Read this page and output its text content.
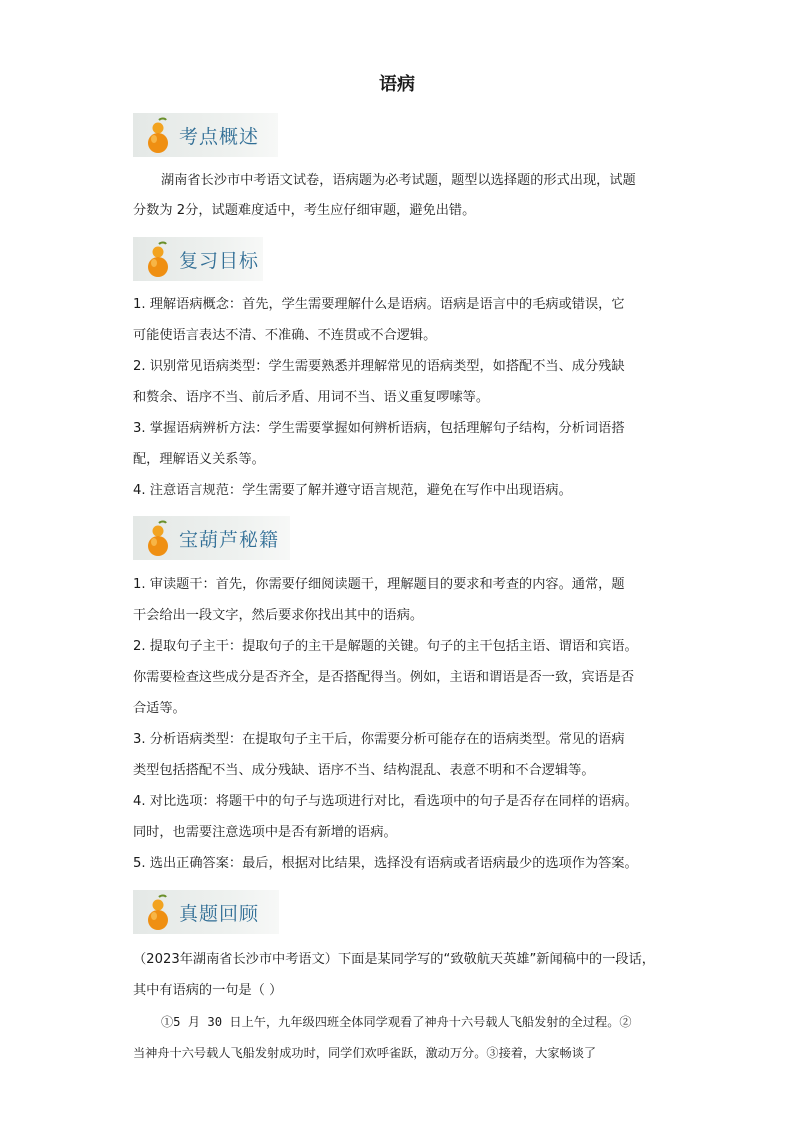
语病
考点概述
湖南省长沙市中考语文试卷，语病题为必考试题，题型以选择题的形式出现，试题
分数为 2分，试题难度适中，考生应仔细审题，避免出错。
复习目标
1. 理解语病概念：首先，学生需要理解什么是语病。语病是语言中的毛病或错误，它
可能使语言表达不清、不准确、不连贯或不合逻辑。
2. 识别常见语病类型：学生需要熟悉并理解常见的语病类型，如搭配不当、成分残缺
和赘余、语序不当、前后矛盾、用词不当、语义重复啰嗦等。
3. 掌握语病辨析方法：学生需要掌握如何辨析语病，包括理解句子结构，分析词语搭
配，理解语义关系等。
4. 注意语言规范：学生需要了解并遵守语言规范，避免在写作中出现语病。
宝葫芦秘籍
1. 审读题干：首先，你需要仔细阅读题干，理解题目的要求和考查的内容。通常，题
干会给出一段文字，然后要求你找出其中的语病。
2. 提取句子主干：提取句子的主干是解题的关键。句子的主干包括主语、谓语和宾语。
你需要检查这些成分是否齐全，是否搭配得当。例如，主语和谓语是否一致，宾语是否
合适等。
3. 分析语病类型：在提取句子主干后，你需要分析可能存在的语病类型。常见的语病
类型包括搭配不当、成分残缺、语序不当、结构混乱、表意不明和不合逻辑等。
4. 对比选项：将题干中的句子与选项进行对比，看选项中的句子是否存在同样的语病。
同时，也需要注意选项中是否有新增的语病。
5. 选出正确答案：最后，根据对比结果，选择没有语病或者语病最少的选项作为答案。
真题回顾
（2023年湖南省长沙市中考语文）下面是某同学写的“致敬航天英雄”新闻稿中的一段话，
其中有语病的一句是（ ）
①5 月 30 日上午，九年级四班全体同学观看了神舟十六号载人飞船发射的全过程。②
当神舟十六号载人飞船发射成功时，同学们欢呼雀跃，激动万分。③接着，大家畅谈了
